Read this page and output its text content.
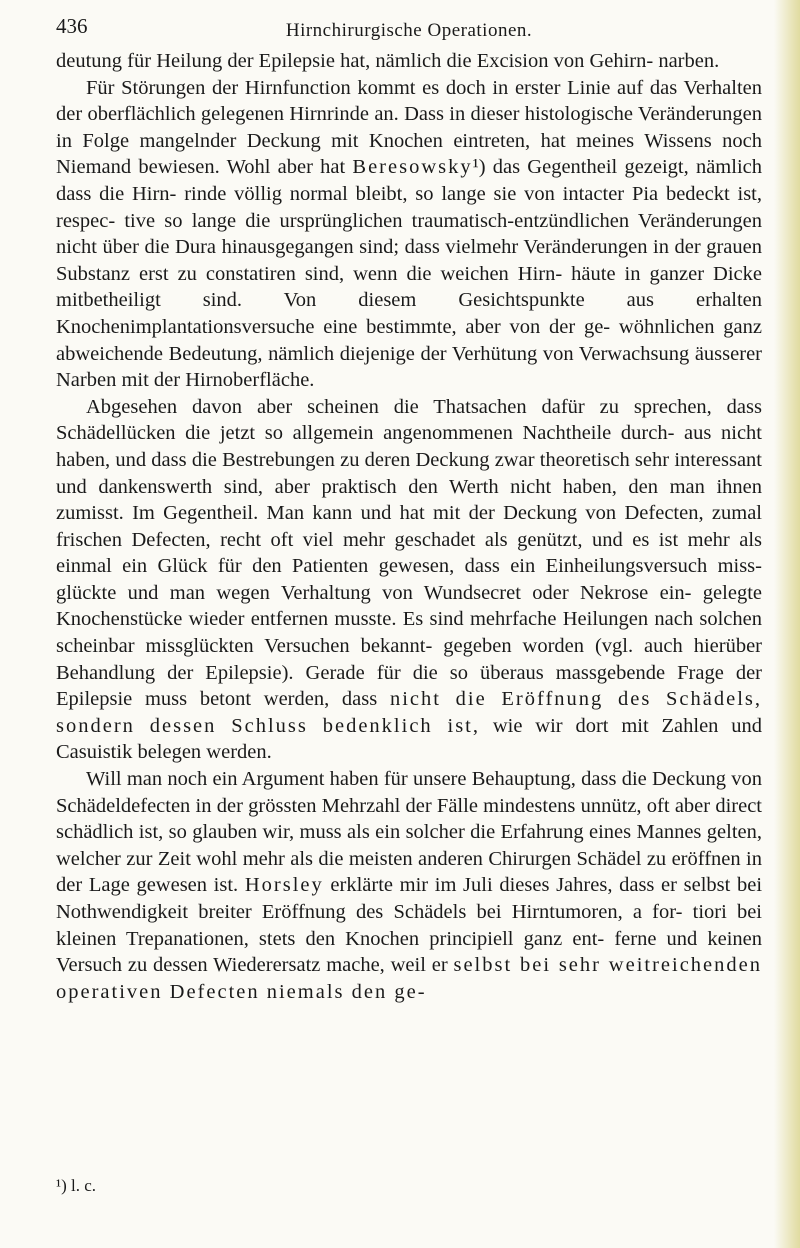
436	Hirnchirurgische Operationen.

deutung für Heilung der Epilepsie hat, nämlich die Excision von Gehirn- narben.

Für Störungen der Hirnfunction kommt es doch in erster Linie auf das Verhalten der oberflächlich gelegenen Hirnrinde an. Dass in dieser histologische Veränderungen in Folge mangelnder Deckung mit Knochen eintreten, hat meines Wissens noch Niemand bewiesen. Wohl aber hat Beresowsky¹) das Gegentheil gezeigt, nämlich dass die Hirn- rinde völlig normal bleibt, so lange sie von intacter Pia bedeckt ist, respec- tive so lange die ursprünglichen traumatisch-entzündlichen Veränderungen nicht über die Dura hinausgegangen sind; dass vielmehr Veränderungen in der grauen Substanz erst zu constatiren sind, wenn die weichen Hirn- häute in ganzer Dicke mitbetheiligt sind. Von diesem Gesichtspunkte aus erhalten Knochenimplantationsversuche eine bestimmte, aber von der ge- wöhnlichen ganz abweichende Bedeutung, nämlich diejenige der Verhütung von Verwachsung äusserer Narben mit der Hirnoberfläche.

Abgesehen davon aber scheinen die Thatsachen dafür zu sprechen, dass Schädellücken die jetzt so allgemein angenommenen Nachtheile durch- aus nicht haben, und dass die Bestrebungen zu deren Deckung zwar theoretisch sehr interessant und dankenswerth sind, aber praktisch den Werth nicht haben, den man ihnen zumisst. Im Gegentheil. Man kann und hat mit der Deckung von Defecten, zumal frischen Defecten, recht oft viel mehr geschadet als genützt, und es ist mehr als einmal ein Glück für den Patienten gewesen, dass ein Einheilungsversuch miss- glückte und man wegen Verhaltung von Wundsecret oder Nekrose ein- gelegte Knochenstücke wieder entfernen musste. Es sind mehrfache Heilungen nach solchen scheinbar missglückten Versuchen bekannt- gegeben worden (vgl. auch hierüber Behandlung der Epilepsie). Gerade für die so überaus massgebende Frage der Epilepsie muss betont werden, dass nicht die Eröffnung des Schädels, sondern dessen Schluss bedenklich ist, wie wir dort mit Zahlen und Casuistik belegen werden.

Will man noch ein Argument haben für unsere Behauptung, dass die Deckung von Schädeldefecten in der grössten Mehrzahl der Fälle mindestens unnütz, oft aber direct schädlich ist, so glauben wir, muss als ein solcher die Erfahrung eines Mannes gelten, welcher zur Zeit wohl mehr als die meisten anderen Chirurgen Schädel zu eröffnen in der Lage gewesen ist. Horsley erklärte mir im Juli dieses Jahres, dass er selbst bei Nothwendigkeit breiter Eröffnung des Schädels bei Hirntumoren, a for- tiori bei kleinen Trepanationen, stets den Knochen principiell ganz ent- ferne und keinen Versuch zu dessen Wiederersatz mache, weil er selbst bei sehr weitreichenden operativen Defecten niemals den ge-

¹) l. c.
